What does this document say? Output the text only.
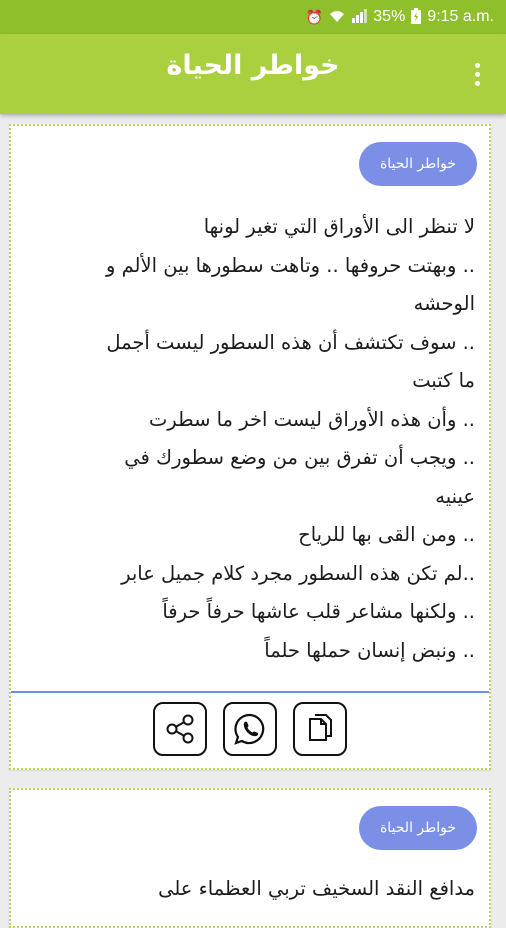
⏰	35% 9:15 a.m.
خواطر الحياة
خواطر الحياة
لا تنظر الى الأوراق التي تغير لونها
.. وبهتت حروفها .. وتاهت سطورها بين الألم و
الوحشه
.. سوف تكتشف أن هذه السطور ليست أجمل
ما كتبت
.. وأن هذه الأوراق ليست اخر ما سطرت
.. ويجب أن تفرق بين من وضع سطورك في
عينيه
.. ومن القى بها للرياح
..لم تكن هذه السطور مجرد كلام جميل عابر
.. ولكنها مشاعر قلب عاشها حرفاً حرفاً
.. ونبض إنسان حملها حلماً
خواطر الحياة
مدافع النقد السخيف تربي العظماء على
